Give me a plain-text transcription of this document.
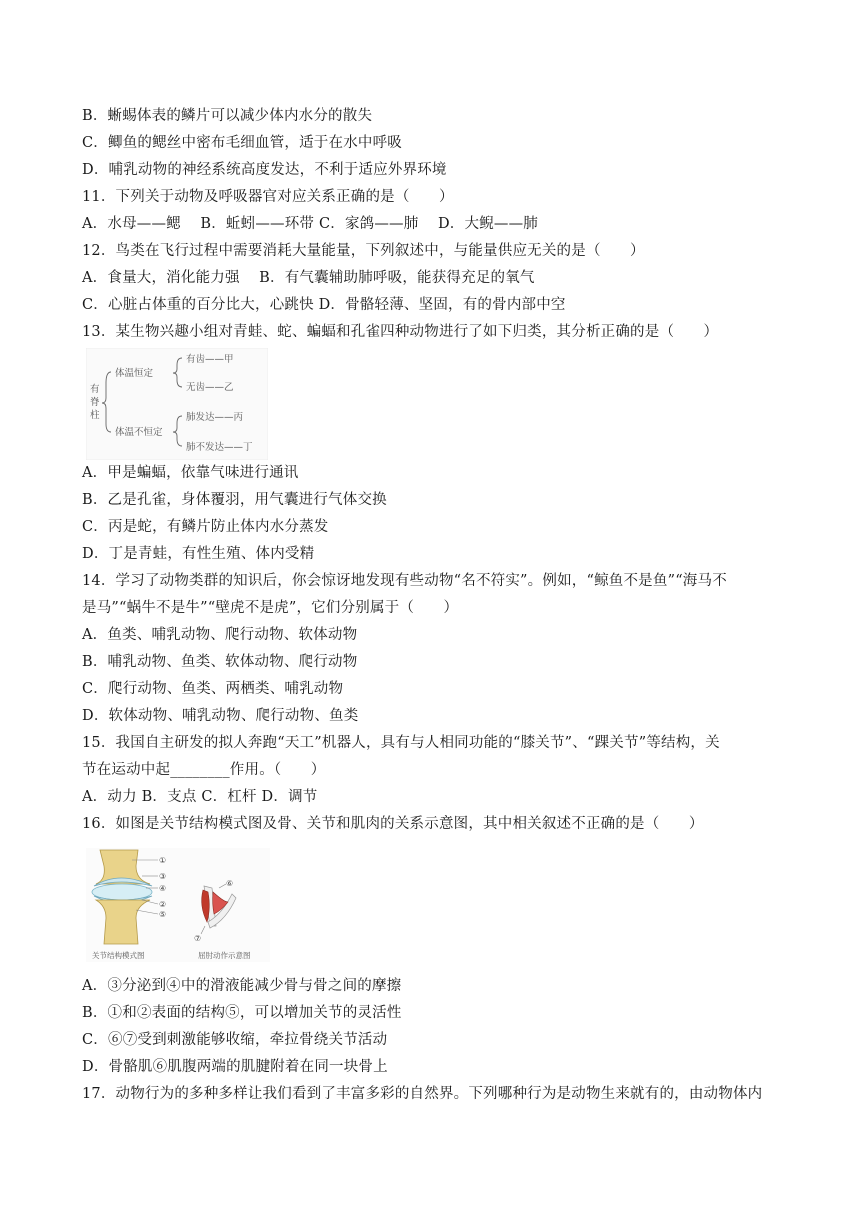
B．蜥蜴体表的鳞片可以减少体内水分的散失
C．鲫鱼的鳃丝中密布毛细血管，适于在水中呼吸
D．哺乳动物的神经系统高度发达，不利于适应外界环境
11．下列关于动物及呼吸器官对应关系正确的是（　　）
A．水母——鳃　 B．蚯蚓——环带 C．家鸽——肺　 D．大鲵——肺
12．鸟类在飞行过程中需要消耗大量能量，下列叙述中，与能量供应无关的是（　　）
A．食量大，消化能力强　 B．有气囊辅助肺呼吸，能获得充足的氧气
C．心脏占体重的百分比大，心跳快 D．骨骼轻薄、坚固，有的骨内部中空
13．某生物兴趣小组对青蛙、蛇、蝙蝠和孔雀四种动物进行了如下归类，其分析正确的是（　　）
有脊柱
体温恒定
体温不恒定
有齿——甲
无齿——乙
肺发达——丙
肺不发达——丁
A．甲是蝙蝠，依靠气味进行通讯
B．乙是孔雀，身体覆羽，用气囊进行气体交换
C．丙是蛇，有鳞片防止体内水分蒸发
D．丁是青蛙，有性生殖、体内受精
14．学习了动物类群的知识后，你会惊讶地发现有些动物“名不符实”。例如，“鲸鱼不是鱼”“海马不
是马”“蜗牛不是牛”“壁虎不是虎”，它们分别属于（　　）
A．鱼类、哺乳动物、爬行动物、软体动物
B．哺乳动物、鱼类、软体动物、爬行动物
C．爬行动物、鱼类、两栖类、哺乳动物
D．软体动物、哺乳动物、爬行动物、鱼类
15．我国自主研发的拟人奔跑“天工”机器人，具有与人相同功能的“膝关节”、“踝关节”等结构，关
节在运动中起________作用。（　　）
A．动力 B．支点 C．杠杆 D．调节
16．如图是关节结构模式图及骨、关节和肌肉的关系示意图，其中相关叙述不正确的是（　　）
①
③
④
②
⑤
⑥
⑦
关节结构模式图	屈肘动作示意图
A．③分泌到④中的滑液能减少骨与骨之间的摩擦
B．①和②表面的结构⑤，可以增加关节的灵活性
C．⑥⑦受到刺激能够收缩，牵拉骨绕关节活动
D．骨骼肌⑥肌腹两端的肌腱附着在同一块骨上
17．动物行为的多种多样让我们看到了丰富多彩的自然界。下列哪种行为是动物生来就有的，由动物体内
